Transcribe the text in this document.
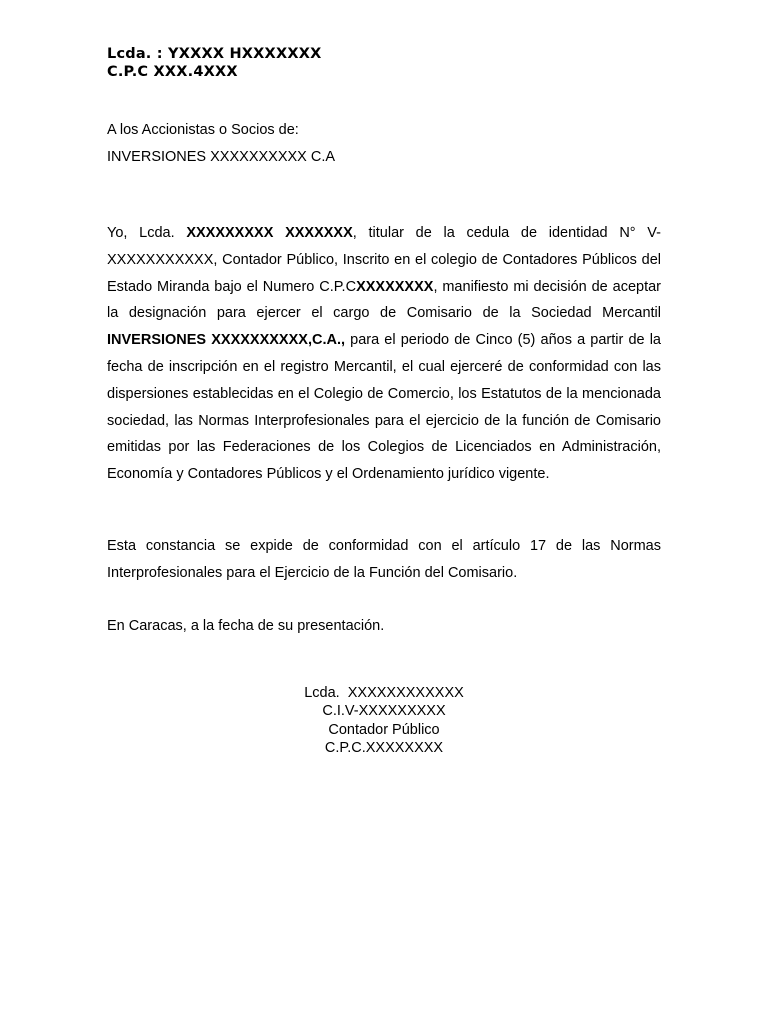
Lcda. : YXXXX HXXXXXXX
C.P.C XXX.4XXX
A los Accionistas o Socios de:
INVERSIONES XXXXXXXXXX C.A

Yo, Lcda. XXXXXXXXX XXXXXXX, titular de la cedula de identidad N° V-XXXXXXXXXXX, Contador Público, Inscrito en el colegio de Contadores Públicos del Estado Miranda bajo el Numero C.P.CXXXXXXXX, manifiesto mi decisión de aceptar la designación para ejercer el cargo de Comisario de la Sociedad Mercantil INVERSIONES XXXXXXXXXX,C.A., para el periodo de Cinco (5) años a partir de la fecha de inscripción en el registro Mercantil, el cual ejerceré de conformidad con las dispersiones establecidas en el Colegio de Comercio, los Estatutos de la mencionada sociedad, las Normas Interprofesionales para el ejercicio de la función de Comisario emitidas por las Federaciones de los Colegios de Licenciados en Administración, Economía y Contadores Públicos y el Ordenamiento jurídico vigente.

Esta constancia se expide de conformidad con el artículo 17 de las Normas Interprofesionales para el Ejercicio de la Función del Comisario.

En Caracas, a la fecha de su presentación.

Lcda.  XXXXXXXXXXXX
C.I.V-XXXXXXXXX
Contador Público
C.P.C.XXXXXXXX
